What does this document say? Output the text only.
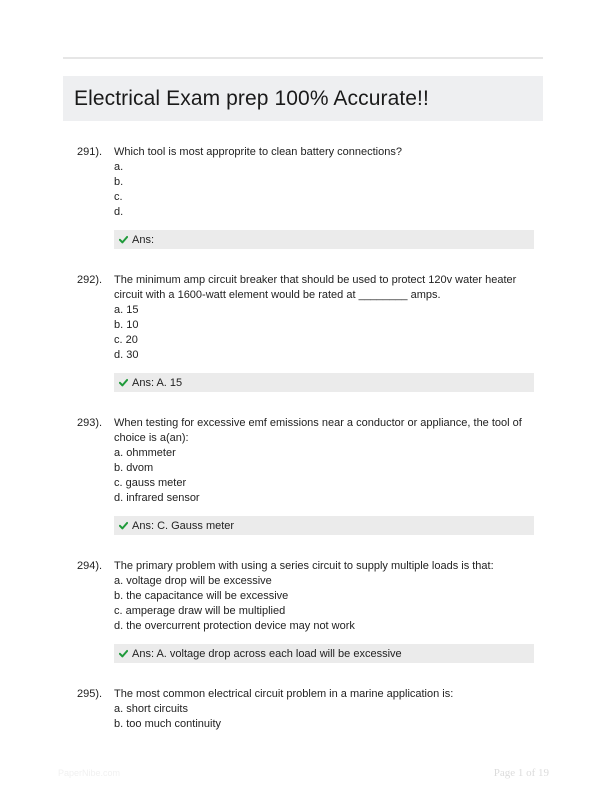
Electrical Exam prep 100% Accurate!!
291). Which tool is most approprite to clean battery connections?

a.
b.
c.
d.
Ans:
292). The minimum amp circuit breaker that should be used to protect 120v water heater circuit with a 1600-watt element would be rated at ________ amps.

a. 15
b. 10
c. 20
d. 30
Ans: A. 15
293). When testing for excessive emf emissions near a conductor or appliance, the tool of choice is a(an):

a. ohmmeter
b. dvom
c. gauss meter
d. infrared sensor
Ans: C. Gauss meter
294). The primary problem with using a series circuit to supply multiple loads is that:

a. voltage drop will be excessive
b. the capacitance will be excessive
c. amperage draw will be multiplied
d. the overcurrent protection device may not work
Ans: A. voltage drop across each load will be excessive
295). The most common electrical circuit problem in a marine application is:

a. short circuits
b. too much continuity
PaperNibe.com	Page 1 of 19
